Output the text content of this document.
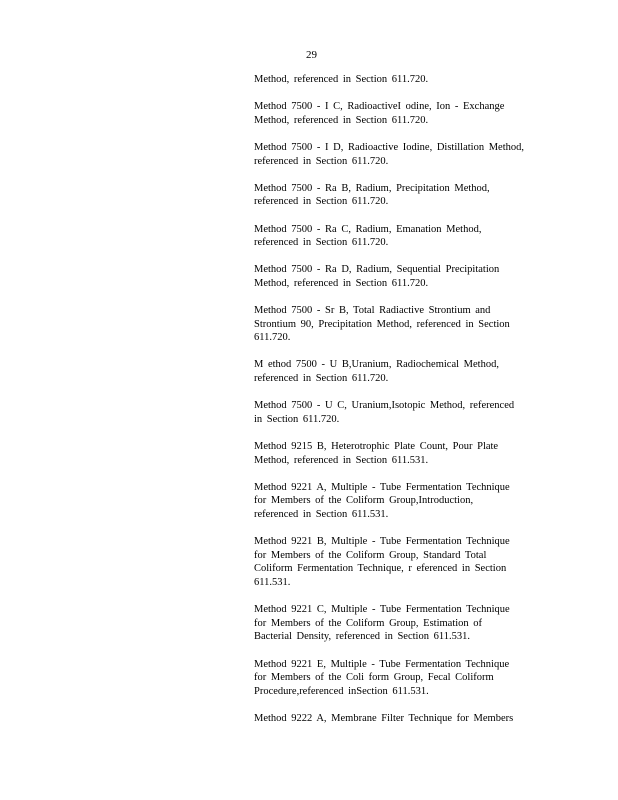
29

Method, referenced in Section 611.720.

Method 7500 - I C, RadioactiveI odine, Ion - Exchange
Method, referenced in Section 611.720.

Method 7500 - I D, Radioactive Iodine, Distillation Method,
referenced in Section 611.720.

Method 7500 - Ra B, Radium, Precipitation Method,
referenced in Section 611.720.

Method 7500 - Ra C, Radium, Emanation Method,
referenced in Section 611.720.

Method 7500 - Ra D, Radium, Sequential Precipitation
Method, referenced in Section 611.720.

Method 7500 - Sr B, Total Radiactive Strontium and
Strontium 90, Precipitation Method, referenced in Section
611.720.

M ethod 7500 - U B,Uranium, Radiochemical Method,
referenced in Section 611.720.

Method 7500 - U C, Uranium,Isotopic Method, referenced
in Section 611.720.

Method 9215 B, Heterotrophic Plate Count, Pour Plate
Method, referenced in Section 611.531.

Method 9221 A, Multiple - Tube Fermentation Technique
for Members of the Coliform Group,Introduction,
referenced in Section 611.531.

Method 9221 B, Multiple - Tube Fermentation Technique
for Members of the Coliform Group, Standard Total
Coliform Fermentation Technique, r eferenced in Section
611.531.

Method 9221 C, Multiple - Tube Fermentation Technique
for Members of the Coliform Group, Estimation of
Bacterial Density, referenced in Section 611.531.

Method 9221 E, Multiple - Tube Fermentation Technique
for Members of the Coli form Group, Fecal Coliform
Procedure,referenced inSection 611.531.

Method 9222 A, Membrane Filter Technique for Members
